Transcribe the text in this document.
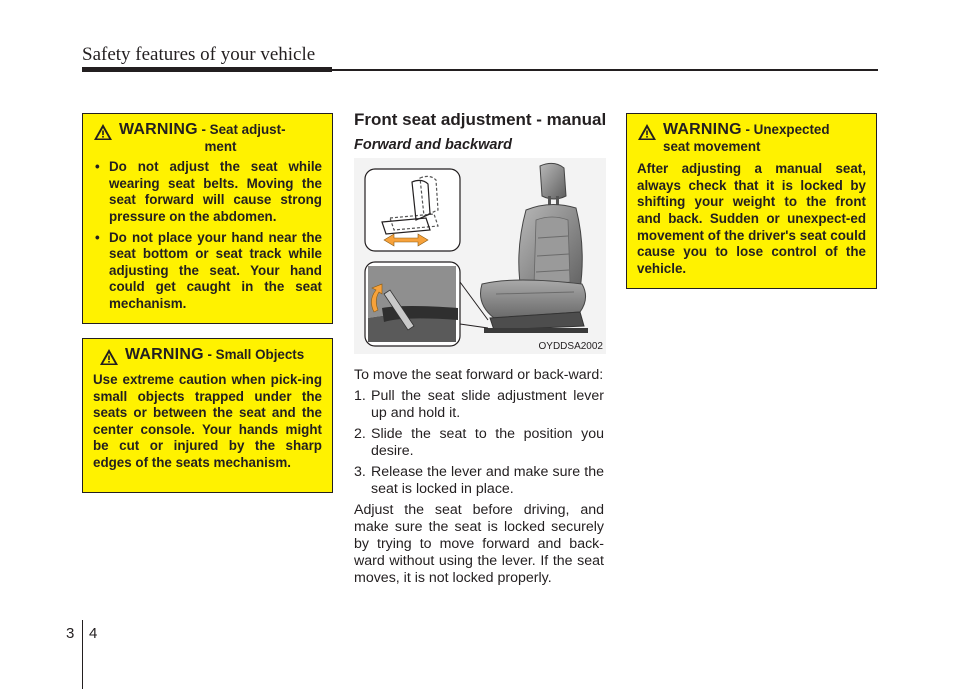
Safety features of your vehicle
WARNING - Seat adjust-
ment
• Do not adjust the seat while wearing seat belts. Moving the seat forward will cause strong pressure on the abdomen.
• Do not place your hand near the seat bottom or seat track while adjusting the seat. Your hand could get caught in the seat mechanism.
WARNING - Small Objects
Use extreme caution when pick-ing small objects trapped under the seats or between the seat and the center console. Your hands might be cut or injured by the sharp edges of the seats mechanism.
Front seat adjustment - manual
Forward and backward
OYDDSA2002

To move the seat forward or back-ward:

1. Pull the seat slide adjustment lever up and hold it.
2. Slide the seat to the position you desire.
3. Release the lever and make sure the seat is locked in place.

Adjust the seat before driving, and make sure the seat is locked securely by trying to move forward and back-ward without using the lever. If the seat moves, it is not locked properly.

WARNING - Unexpected
seat movement
After adjusting a manual seat, always check that it is locked by shifting your weight to the front and back. Sudden or unexpect-ed movement of the driver's seat could cause you to lose control of the vehicle.
3 4
